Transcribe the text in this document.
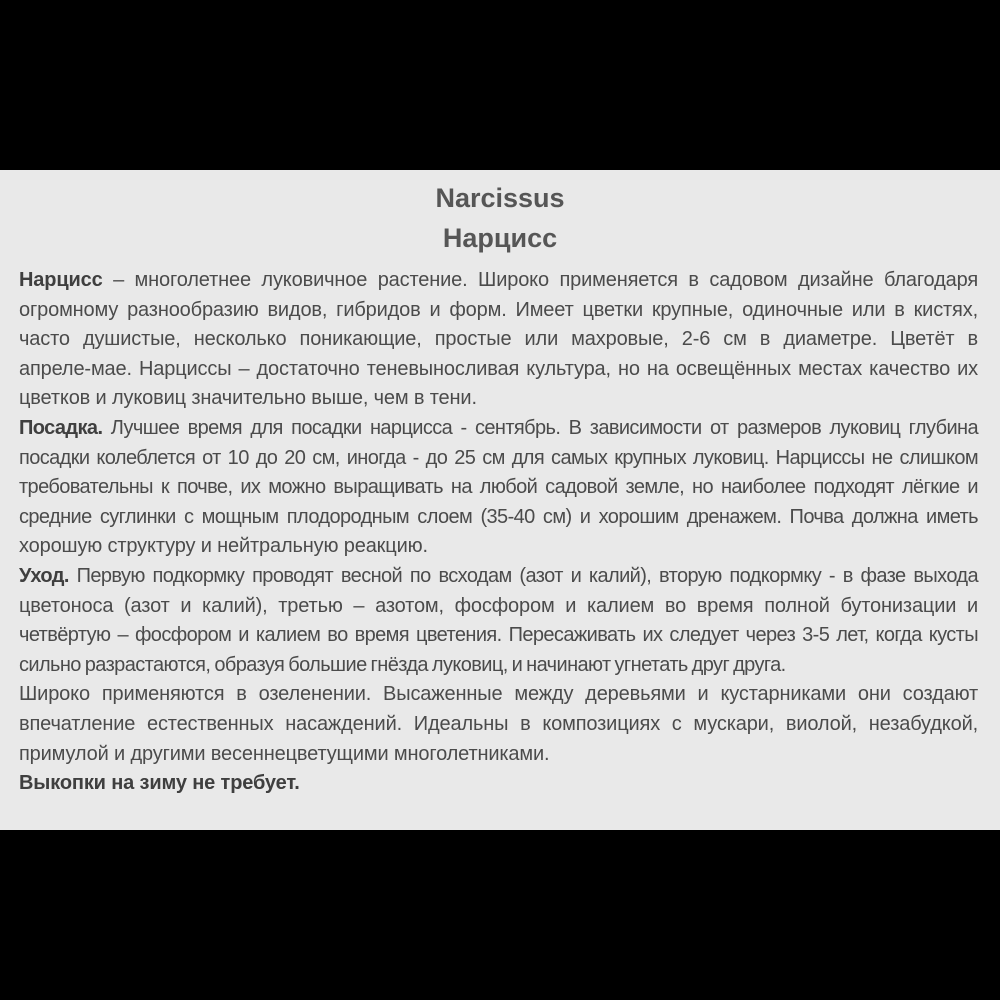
Narcissus
Нарцисс
Нарцисс – многолетнее луковичное растение. Широко применяется в садовом дизайне благодаря
огромному разнообразию видов, гибридов и форм. Имеет цветки крупные, одиночные или в кистях,
часто душистые, несколько поникающие, простые или махровые, 2-6 см в диаметре. Цветёт в
апреле-мае. Нарциссы – достаточно теневыносливая культура, но на освещённых местах качество их
цветков и луковиц значительно выше, чем в тени.
Посадка. Лучшее время для посадки нарцисса - сентябрь. В зависимости от размеров луковиц глубина
посадки колеблется от 10 до 20 см, иногда - до 25 см для самых крупных луковиц. Нарциссы не слишком
требовательны к почве, их можно выращивать на любой садовой земле, но наиболее подходят лёгкие и
средние суглинки с мощным плодородным слоем (35-40 см) и хорошим дренажем. Почва должна иметь
хорошую структуру и нейтральную реакцию.
Уход. Первую подкормку проводят весной по всходам (азот и калий), вторую подкормку - в фазе выхода
цветоноса (азот и калий), третью – азотом, фосфором и калием во время полной бутонизации и
четвёртую – фосфором и калием во время цветения. Пересаживать их следует через 3-5 лет, когда кусты
сильно разрастаются, образуя большие гнёзда луковиц, и начинают угнетать друг друга.
Широко применяются в озеленении. Высаженные между деревьями и кустарниками они создают
впечатление естественных насаждений. Идеальны в композициях с мускари, виолой, незабудкой,
примулой и другими весеннецветущими многолетниками.
Выкопки на зиму не требует.
